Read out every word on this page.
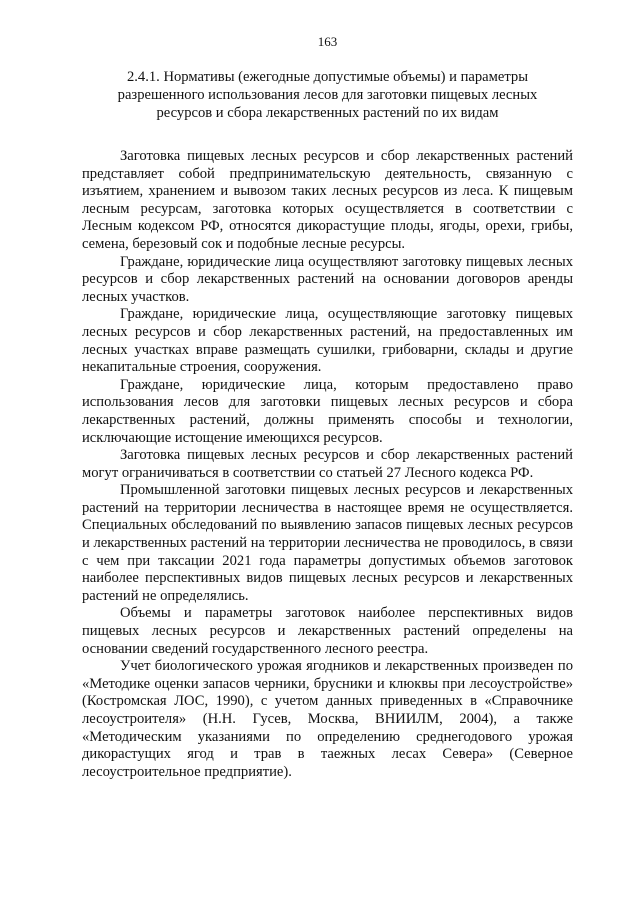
163
2.4.1. Нормативы (ежегодные допустимые объемы) и параметры
разрешенного использования лесов для заготовки пищевых лесных
ресурсов и сбора лекарственных растений по их видам

Заготовка пищевых лесных ресурсов и сбор лекарственных растений представляет собой предпринимательскую деятельность, связанную с изъятием, хранением и вывозом таких лесных ресурсов из леса. К пищевым лесным ресурсам, заготовка которых осуществляется в соответствии с Лесным кодексом РФ, относятся дикорастущие плоды, ягоды, орехи, грибы, семена, березовый сок и подобные лесные ресурсы.

Граждане, юридические лица осуществляют заготовку пищевых лесных ресурсов и сбор лекарственных растений на основании договоров аренды лесных участков.

Граждане, юридические лица, осуществляющие заготовку пищевых лесных ресурсов и сбор лекарственных растений, на предоставленных им лесных участках вправе размещать сушилки, грибоварни, склады и другие некапитальные строения, сооружения.

Граждане, юридические лица, которым предоставлено право использования лесов для заготовки пищевых лесных ресурсов и сбора лекарственных растений, должны применять способы и технологии, исключающие истощение имеющихся ресурсов.

Заготовка пищевых лесных ресурсов и сбор лекарственных растений могут ограничиваться в соответствии со статьей 27 Лесного кодекса РФ.

Промышленной заготовки пищевых лесных ресурсов и лекарственных растений на территории лесничества в настоящее время не осуществляется. Специальных обследований по выявлению запасов пищевых лесных ресурсов и лекарственных растений на территории лесничества не проводилось, в связи с чем при таксации 2021 года параметры допустимых объемов заготовок наиболее перспективных видов пищевых лесных ресурсов и лекарственных растений не определялись.

Объемы и параметры заготовок наиболее перспективных видов пищевых лесных ресурсов и лекарственных растений определены на основании сведений государственного лесного реестра.

Учет биологического урожая ягодников и лекарственных произведен по «Методике оценки запасов черники, брусники и клюквы при лесоустройстве» (Костромская ЛОС, 1990), с учетом данных приведенных в «Справочнике лесоустроителя» (Н.Н. Гусев, Москва, ВНИИЛМ, 2004), а также «Методическим указаниями по определению среднегодового урожая дикорастущих ягод и трав в таежных лесах Севера» (Северное лесоустроительное предприятие).
